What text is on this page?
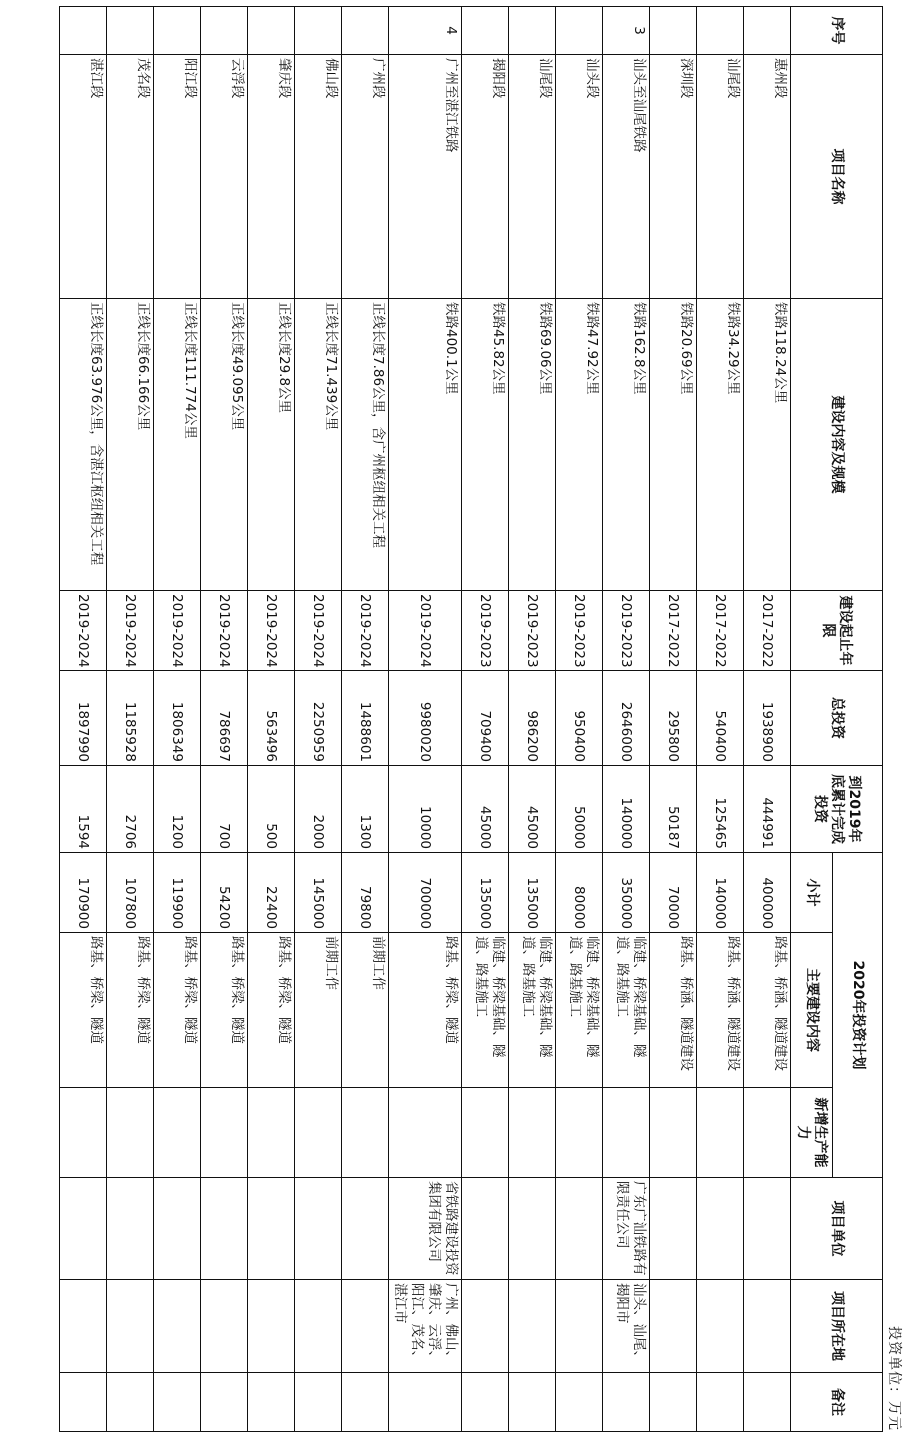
投资单位：万元
序号	项目名称	建设内容及规模	建设起止年限	总投资	到2019年底累计完成投资	2020年投资计划			项目单位	项目所在地	备注
						小计	主要建设内容	新增生产能力			
	惠州段	铁路118.24公里	2017-2022	1938900	444991	400000	路基、桥涵、隧道建设				
	汕尾段	铁路34.29公里	2017-2022	540400	125465	140000	路基、桥涵、隧道建设				
	深圳段	铁路20.69公里	2017-2022	295800	50187	70000	路基、桥涵、隧道建设				
3	汕头至汕尾铁路	铁路162.8公里	2019-2023	2646000	140000	350000	临建、桥梁基础、隧道、路基施工		广东广汕铁路有限责任公司	汕头、汕尾、揭阳市	
	汕头段	铁路47.92公里	2019-2023	950400	50000	80000	临建、桥梁基础、隧道、路基施工				
	汕尾段	铁路69.06公里	2019-2023	986200	45000	135000	临建、桥梁基础、隧道、路基施工				
	揭阳段	铁路45.82公里	2019-2023	709400	45000	135000	临建、桥梁基础、隧道、路基施工				
4	广州至湛江铁路	铁路400.1公里	2019-2024	9980020	10000	700000	路基、桥梁、隧道		省铁路建设投资集团有限公司	广州、佛山、肇庆、云浮、阳江、茂名、湛江市	
	广州段	正线长度7.86公里，含广州枢纽相关工程	2019-2024	1488601	1300	79800	前期工作				
	佛山段	正线长度71.439公里	2019-2024	2250959	2000	145000	前期工作				
	肇庆段	正线长度29.8公里	2019-2024	563496	500	22400	路基、桥梁、隧道				
	云浮段	正线长度49.095公里	2019-2024	786697	700	54200	路基、桥梁、隧道				
	阳江段	正线长度111.774公里	2019-2024	1806349	1200	119900	路基、桥梁、隧道				
	茂名段	正线长度66.166公里	2019-2024	1185928	2706	107800	路基、桥梁、隧道				
	湛江段	正线长度63.976公里，含湛江枢纽相关工程	2019-2024	1897990	1594	170900	路基、桥梁、隧道				
